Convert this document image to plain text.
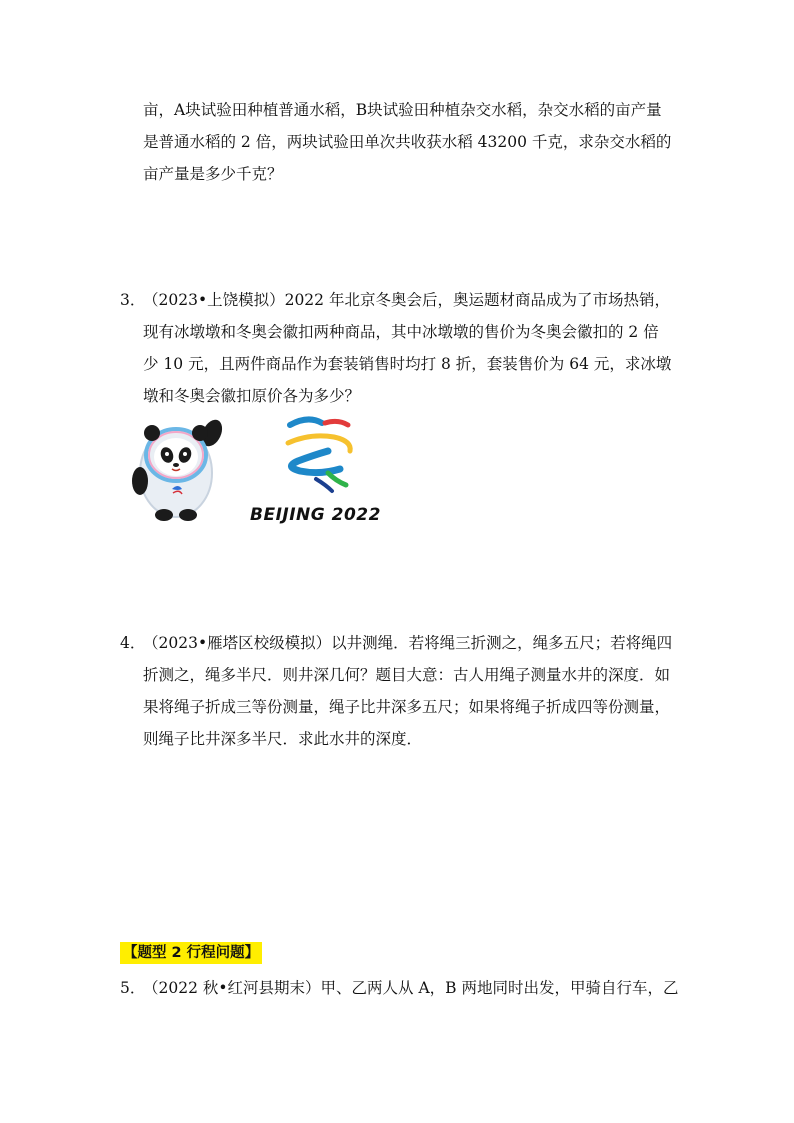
亩，A块试验田种植普通水稻，B块试验田种植杂交水稻，杂交水稻的亩产量
是普通水稻的 2 倍，两块试验田单次共收获水稻 43200 千克，求杂交水稻的
亩产量是多少千克？
3．
（2023•上饶模拟）2022 年北京冬奥会后，奥运题材商品成为了市场热销，
现有冰墩墩和冬奥会徽扣两种商品，其中冰墩墩的售价为冬奥会徽扣的 2 倍
少 10 元，且两件商品作为套装销售时均打 8 折，套装售价为 64 元，求冰墩
墩和冬奥会徽扣原价各为多少？
BEIJING 2022
4．
（2023•雁塔区校级模拟）以井测绳．若将绳三折测之，绳多五尺；若将绳四
折测之，绳多半尺．则井深几何？题目大意：古人用绳子测量水井的深度．如
果将绳子折成三等份测量，绳子比井深多五尺；如果将绳子折成四等份测量，
则绳子比井深多半尺．求此水井的深度．
【题型 2 行程问题】
5．
（2022 秋•红河县期末）甲、乙两人从 A，B 两地同时出发，甲骑自行车，乙
